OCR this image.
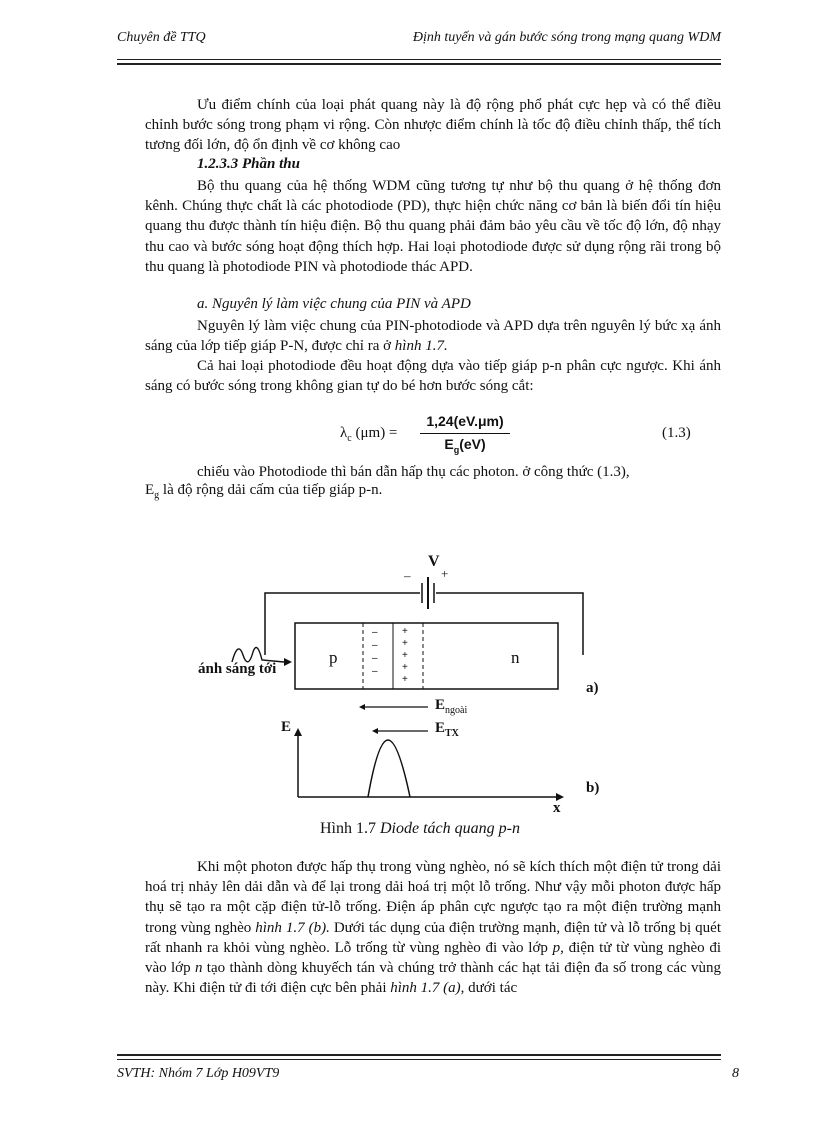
Chuyên đề TTQ	Định tuyến và gán bước sóng trong mạng quang WDM

Ưu điểm chính của loại phát quang này là độ rộng phổ phát cực hẹp và có thể điều chỉnh bước sóng trong phạm vi rộng. Còn nhược điểm chính là tốc độ điều chỉnh thấp, thể tích tương đối lớn, độ ổn định về cơ không cao

1.2.3.3 Phần thu

Bộ thu quang của hệ thống WDM cũng tương tự như bộ thu quang ở hệ thống đơn kênh. Chúng thực chất là các photodiode (PD), thực hiện chức năng cơ bản là biến đổi tín hiệu quang thu được thành tín hiệu điện. Bộ thu quang phải đảm bảo yêu cầu về tốc độ lớn, độ nhạy thu cao và bước sóng hoạt động thích hợp. Hai loại photodiode được sử dụng rộng rãi trong bộ thu quang là photodiode PIN và photodiode thác APD.

a. Nguyên lý làm việc chung của PIN và APD

Nguyên lý làm việc chung của PIN-photodiode và APD dựa trên nguyên lý bức xạ ánh sáng của lớp tiếp giáp P-N, được chỉ ra ở hình 1.7.

Cả hai loại photodiode đều hoạt động dựa vào tiếp giáp p-n phân cực ngược. Khi ánh sáng có bước sóng trong không gian tự do bé hơn bước sóng cắt:

$\lambda_c$ (μm) =
1,24(eV.μm)
$E_g(eV)$
(1.3)

chiếu vào Photodiode thì bán dẫn hấp thụ các photon. ở công thức (1.3),

$E_g$ là độ rộng dải cấm của tiếp giáp p-n.
–
–
–
–
+
+
+
+
+
V
+
–
ánh sáng tới
p	n
a)
$E_{ngoài}$
$E_{TX}$
E
b)
x
Hình 1.7 Diode tách quang p-n

Khi một photon được hấp thụ trong vùng nghèo, nó sẽ kích thích một điện tử trong dải hoá trị nhảy lên dải dẫn và để lại trong dải hoá trị một lỗ trống. Như vậy mỗi photon được hấp thụ sẽ tạo ra một cặp điện tử-lỗ trống. Điện áp phân cực ngược tạo ra một điện trường mạnh trong vùng nghèo hình 1.7 (b). Dưới tác dụng của điện trường mạnh, điện tử và lỗ trống bị quét rất nhanh ra khỏi vùng nghèo. Lỗ trống từ vùng nghèo đi vào lớp p, điện tử từ vùng nghèo đi vào lớp n tạo thành dòng khuyếch tán và chúng trở thành các hạt tải điện đa số trong các vùng này. Khi điện tử đi tới điện cực bên phải hình 1.7 (a), dưới tác

SVTH: Nhóm 7 Lớp H09VT9	8
